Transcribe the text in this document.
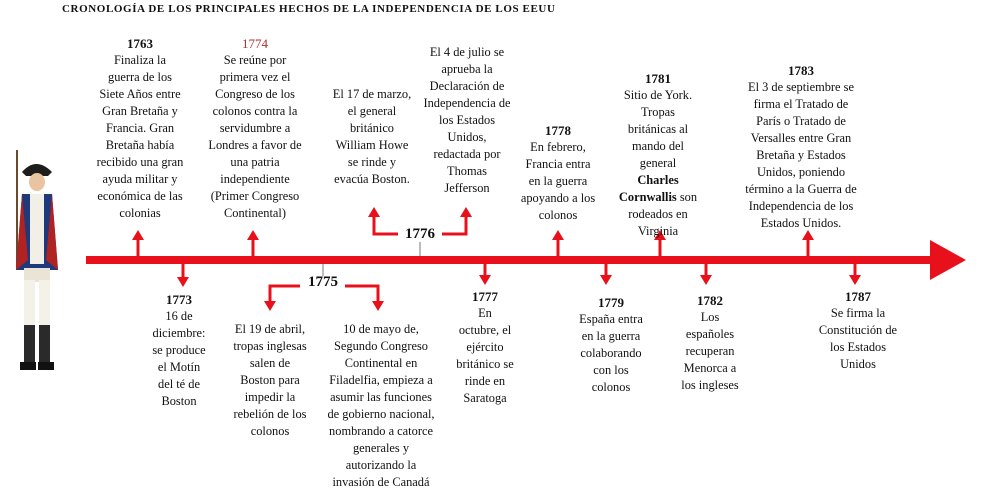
CRONOLOGÍA DE LOS PRINCIPALES HECHOS DE LA INDEPENDENCIA DE LOS EEUU
1776
1775
1763
Finaliza la
guerra de los
Siete Años entre
Gran Bretaña y
Francia. Gran
Bretaña había
recibido una gran
ayuda militar y
económica de las
colonias
1774
Se reúne por
primera vez el
Congreso de los
colonos contra la
servidumbre a
Londres a favor de
una patria
independiente
(Primer Congreso
Continental)
El 17 de marzo,
el general
británico
William Howe
se rinde y
evacúa Boston.
El 4 de julio se
aprueba la
Declaración de
Independencia de
los Estados
Unidos,
redactada por
Thomas
Jefferson
1778
En febrero,
Francia entra
en la guerra
apoyando a los
colonos
1781
Sitio de York.
Tropas
británicas al
mando del
general
Charles
Cornwallis son
rodeados en
Virginia
1783
El 3 de septiembre se
firma el Tratado de
París o Tratado de
Versalles entre Gran
Bretaña y Estados
Unidos, poniendo
término a la Guerra de
Independencia de los
Estados Unidos.
1773
16 de
diciembre:
se produce
el Motín
del té de
Boston
El 19 de abril,
tropas inglesas
salen de
Boston para
impedir la
rebelión de los
colonos
10 de mayo de,
Segundo Congreso
Continental en
Filadelfia, empieza a
asumir las funciones
de gobierno nacional,
nombrando a catorce
generales y
autorizando la
invasión de Canadá
1777
En
octubre, el
ejército
británico se
rinde en
Saratoga
1779
España entra
en la guerra
colaborando
con los
colonos
1782
Los
españoles
recuperan
Menorca a
los ingleses
1787
Se firma la
Constitución de
los Estados
Unidos
